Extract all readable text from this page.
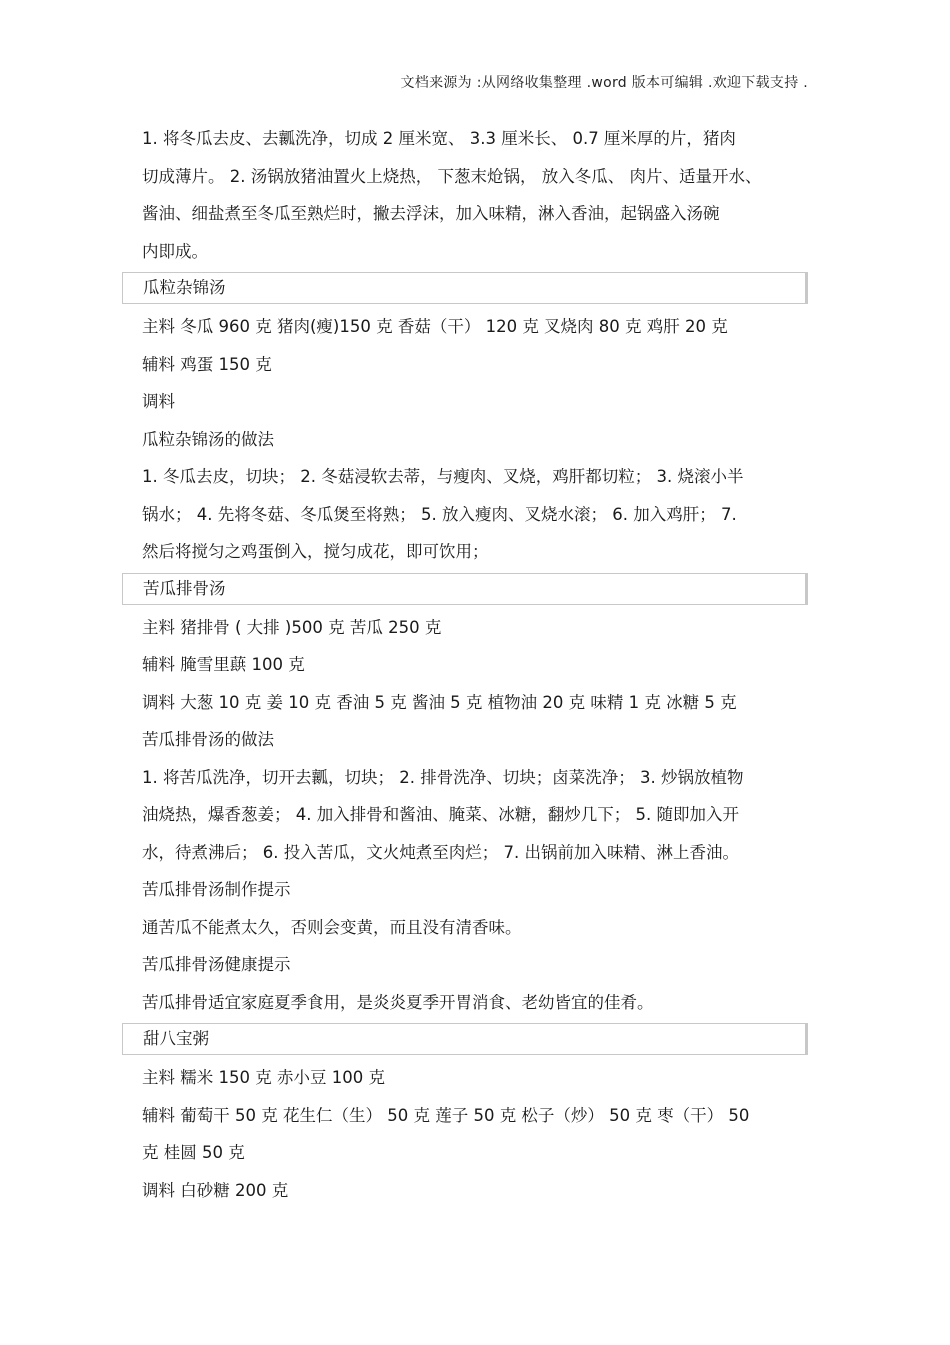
文档来源为 :从网络收集整理 .word 版本可编辑 .欢迎下载支持 .
1. 将冬瓜去皮、去瓤洗净，切成 2 厘米宽、 3.3 厘米长、 0.7 厘米厚的片，猪肉
切成薄片。 2. 汤锅放猪油置火上烧热， 下葱末炝锅， 放入冬瓜、 肉片、适量开水、
酱油、细盐煮至冬瓜至熟烂时，撇去浮沫，加入味精，淋入香油，起锅盛入汤碗
内即成。
瓜粒杂锦汤
主料 冬瓜 960 克 猪肉(瘦)150 克 香菇（干） 120 克 叉烧肉 80 克 鸡肝 20 克
辅料 鸡蛋 150 克
调料
瓜粒杂锦汤的做法
1. 冬瓜去皮，切块； 2. 冬菇浸软去蒂，与瘦肉、叉烧，鸡肝都切粒； 3. 烧滚小半
锅水； 4. 先将冬菇、冬瓜煲至将熟； 5. 放入瘦肉、叉烧水滚； 6. 加入鸡肝； 7.
然后将搅匀之鸡蛋倒入，搅匀成花，即可饮用；
苦瓜排骨汤
主料 猪排骨 ( 大排 )500 克 苦瓜 250 克
辅料 腌雪里蕻 100 克
调料 大葱 10 克 姜 10 克 香油 5 克 酱油 5 克 植物油 20 克 味精 1 克 冰糖 5 克
苦瓜排骨汤的做法
1. 将苦瓜洗净，切开去瓤，切块； 2. 排骨洗净、切块；卤菜洗净； 3. 炒锅放植物
油烧热，爆香葱姜； 4. 加入排骨和酱油、腌菜、冰糖，翻炒几下； 5. 随即加入开
水，待煮沸后； 6. 投入苦瓜，文火炖煮至肉烂； 7. 出锅前加入味精、淋上香油。
苦瓜排骨汤制作提示
通苦瓜不能煮太久，否则会变黄，而且没有清香味。
苦瓜排骨汤健康提示
苦瓜排骨适宜家庭夏季食用，是炎炎夏季开胃消食、老幼皆宜的佳肴。
甜八宝粥
主料 糯米 150 克 赤小豆 100 克
辅料 葡萄干 50 克 花生仁（生） 50 克 莲子 50 克 松子（炒） 50 克 枣（干） 50
克 桂圆 50 克
调料 白砂糖 200 克
